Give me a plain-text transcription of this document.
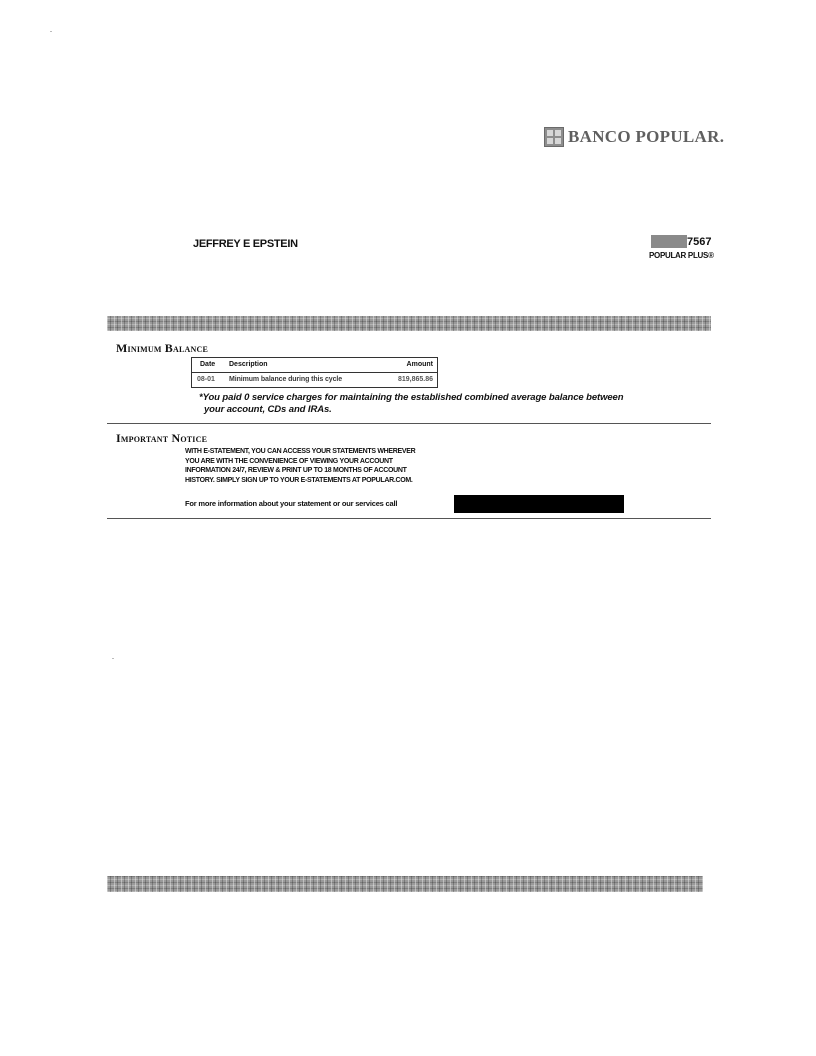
BANCO POPULAR.
JEFFREY E EPSTEIN	7567
POPULAR PLUS®
Minimum Balance
Date Description	Amount
08-01 Minimum balance during this cycle	819,865.86
*You paid 0 service charges for maintaining the established combined average balance between
your account, CDs and IRAs.
Important Notice
WITH E-STATEMENT, YOU CAN ACCESS YOUR STATEMENTS WHEREVER
YOU ARE WITH THE CONVENIENCE OF VIEWING YOUR ACCOUNT
INFORMATION 24/7, REVIEW & PRINT UP TO 18 MONTHS OF ACCOUNT
HISTORY. SIMPLY SIGN UP TO YOUR E-STATEMENTS AT POPULAR.COM.
For more information about your statement or our services call
